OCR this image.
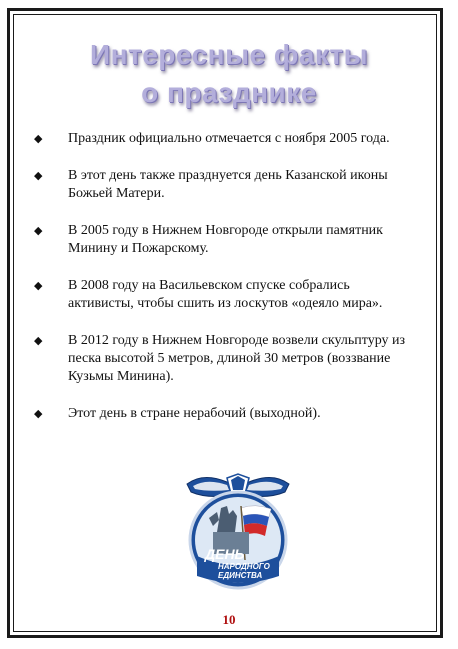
Интересные факты
о празднике
◆ Праздник официально отмечается с ноября 2005 года.
◆ В этот день также празднуется день Казанской иконы Божьей Матери.
◆ В 2005 году в Нижнем Новгороде открыли памятник Минину и Пожарскому.
◆ В 2008 году на Васильевском спуске собрались активисты, чтобы сшить из лоскутов «одеяло мира».
◆ В 2012 году в Нижнем Новгороде возвели скульптуру из песка высотой 5 метров, длиной 30 метров (воззвание Кузьмы Минина).
◆ Этот день в стране нерабочий (выходной).
ДЕНЬ
НАРОДНОГО
ЕДИНСТВА
10
